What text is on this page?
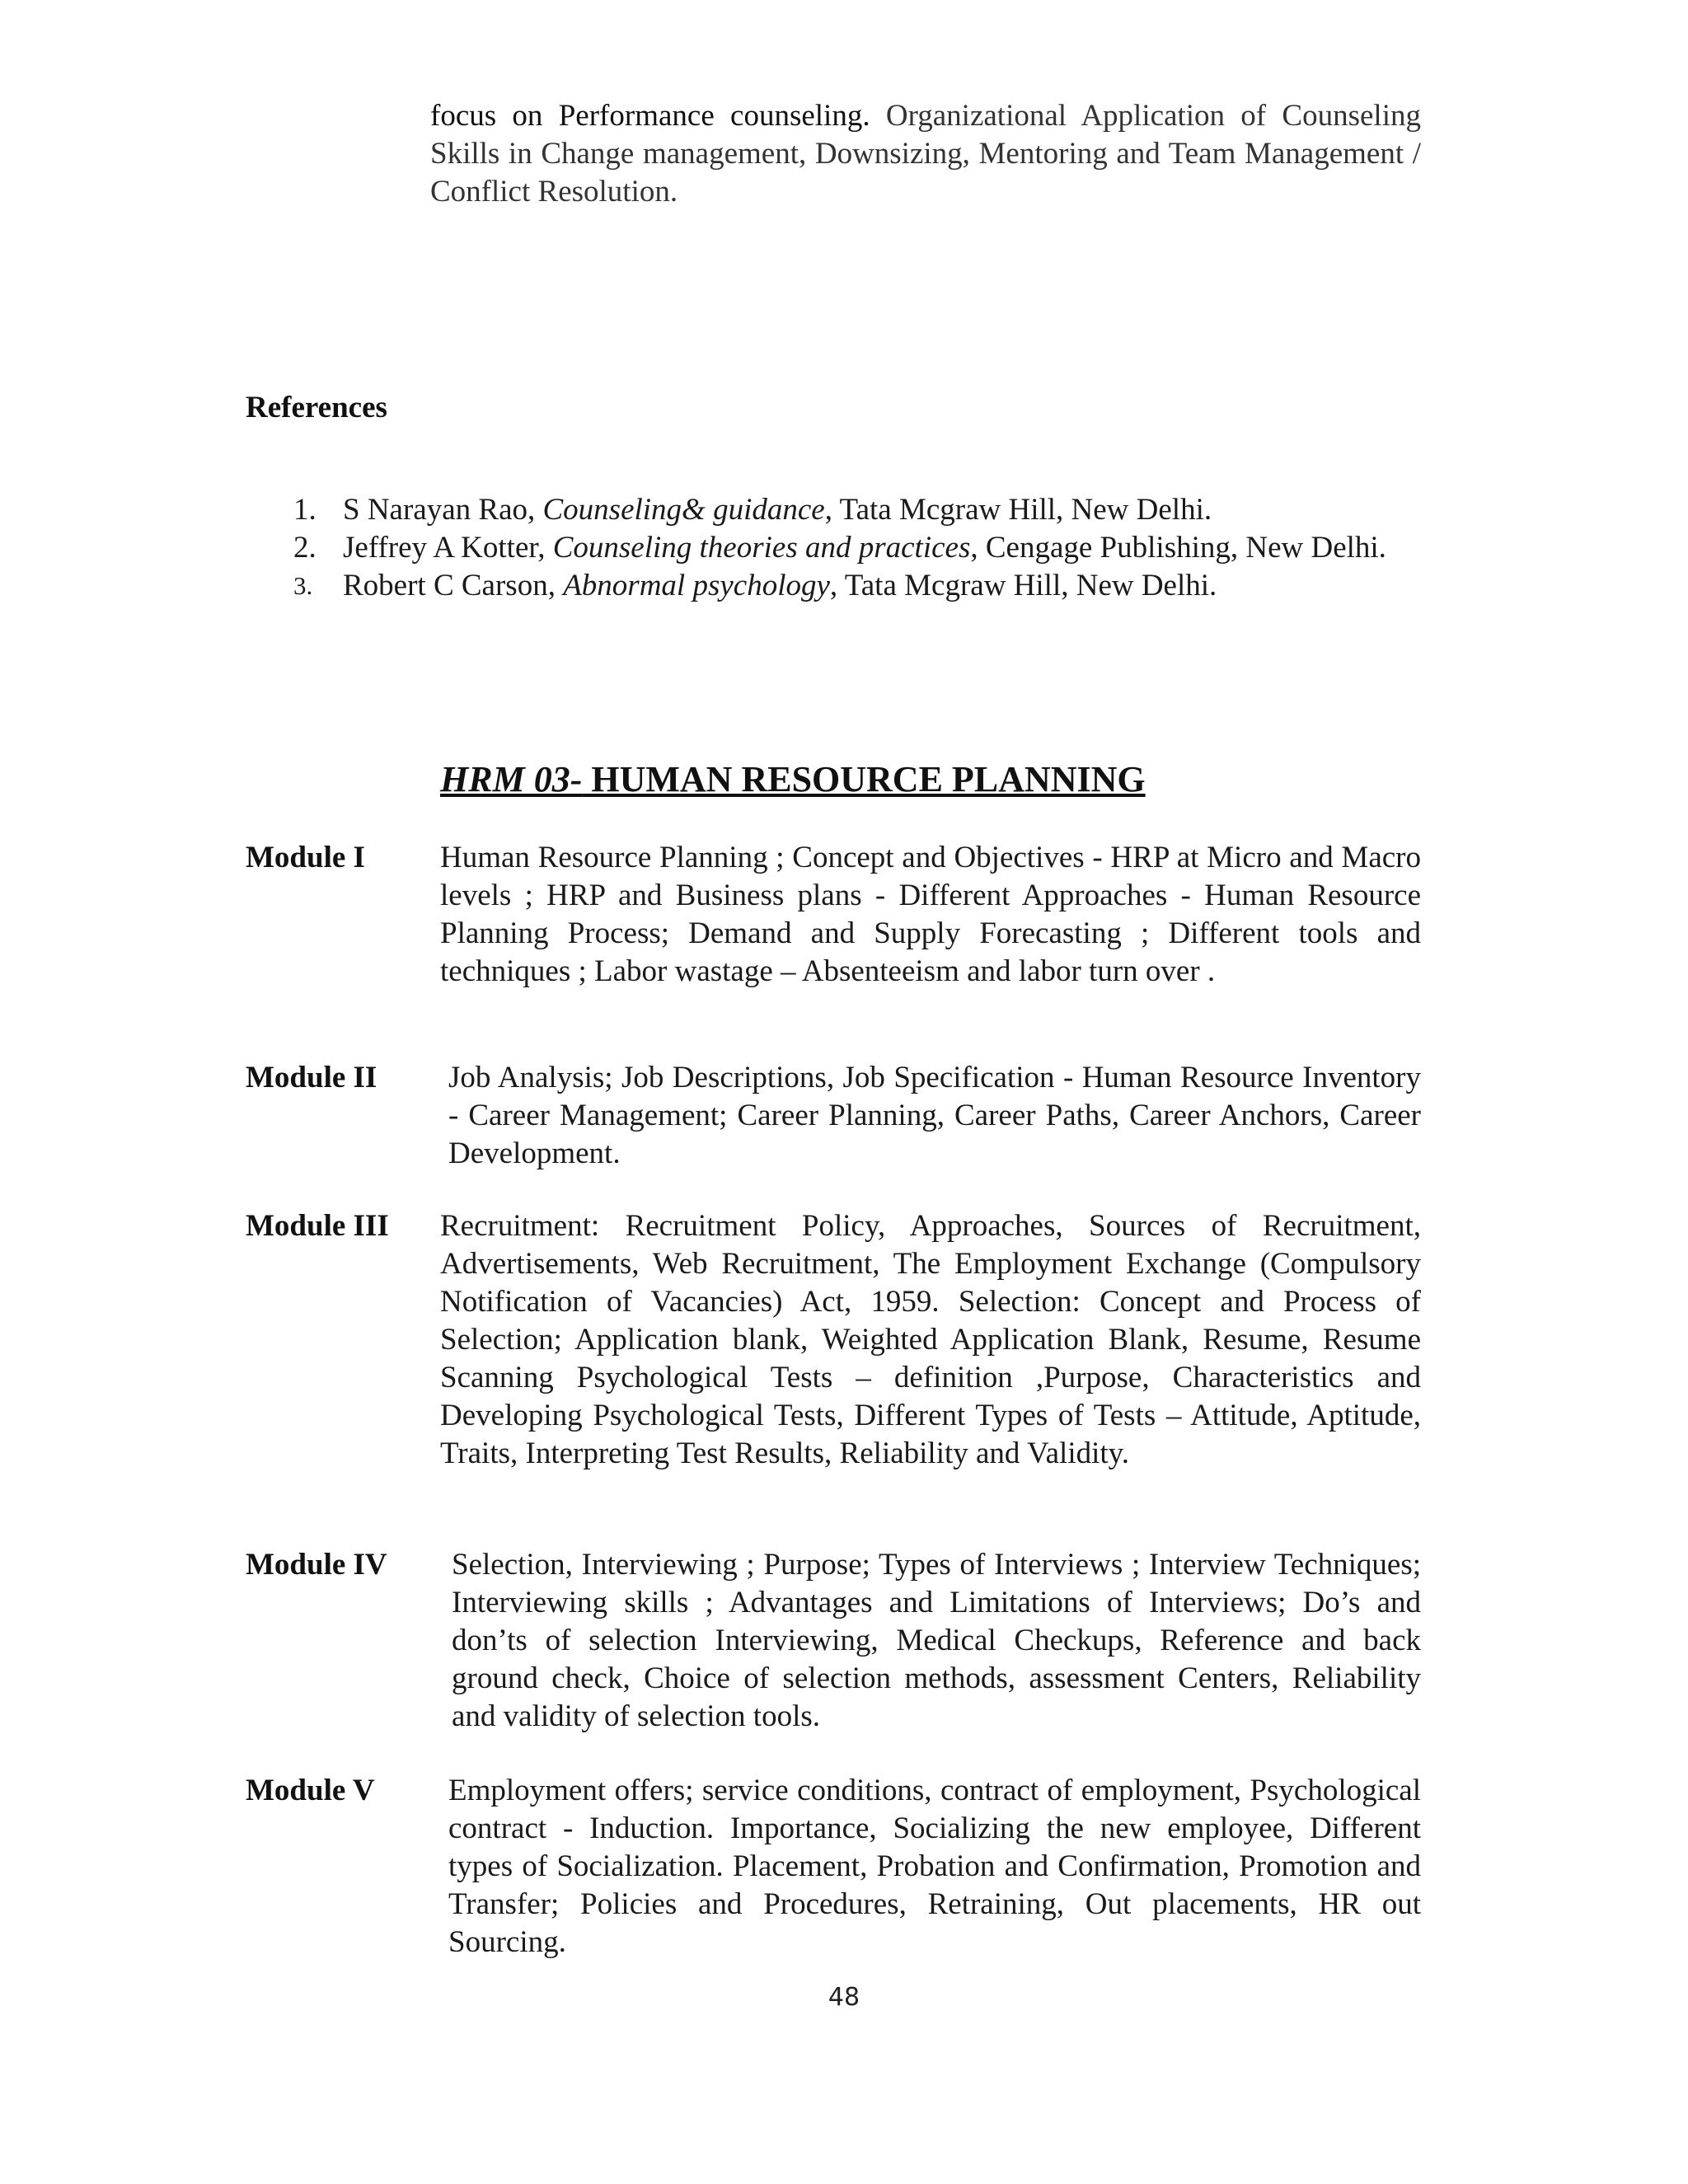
focus on Performance counseling. Organizational Application of Counseling Skills in Change management, Downsizing, Mentoring and Team Management / Conflict Resolution.

References
1. S Narayan Rao, Counseling& guidance, Tata Mcgraw Hill, New Delhi.
2. Jeffrey A Kotter, Counseling theories and practices, Cengage Publishing, New Delhi.
3. Robert C Carson, Abnormal psychology, Tata Mcgraw Hill, New Delhi.
HRM 03- HUMAN RESOURCE PLANNING
Module I Human Resource Planning ; Concept and Objectives - HRP at Micro and Macro levels ; HRP and Business plans - Different Approaches - Human Resource Planning Process; Demand and Supply Forecasting ; Different tools and techniques ; Labor wastage – Absenteeism and labor turn over .
Module II Job Analysis; Job Descriptions, Job Specification - Human Resource Inventory - Career Management; Career Planning, Career Paths, Career Anchors, Career Development.
Module III Recruitment: Recruitment Policy, Approaches, Sources of Recruitment, Advertisements, Web Recruitment, The Employment Exchange (Compulsory Notification of Vacancies) Act, 1959. Selection: Concept and Process of Selection; Application blank, Weighted Application Blank, Resume, Resume Scanning Psychological Tests – definition ,Purpose, Characteristics and Developing Psychological Tests, Different Types of Tests – Attitude, Aptitude, Traits, Interpreting Test Results, Reliability and Validity.
Module IV	Selection, Interviewing ; Purpose; Types of Interviews ; Interview Techniques; Interviewing skills ; Advantages and Limitations of Interviews; Do’s and don’ts of selection Interviewing, Medical Checkups, Reference and back ground check, Choice of selection methods, assessment Centers, Reliability and validity of selection tools.
Module V Employment offers; service conditions, contract of employment, Psychological contract - Induction. Importance, Socializing the new employee, Different types of Socialization. Placement, Probation and Confirmation, Promotion and Transfer; Policies and Procedures, Retraining, Out placements, HR out Sourcing.
48
